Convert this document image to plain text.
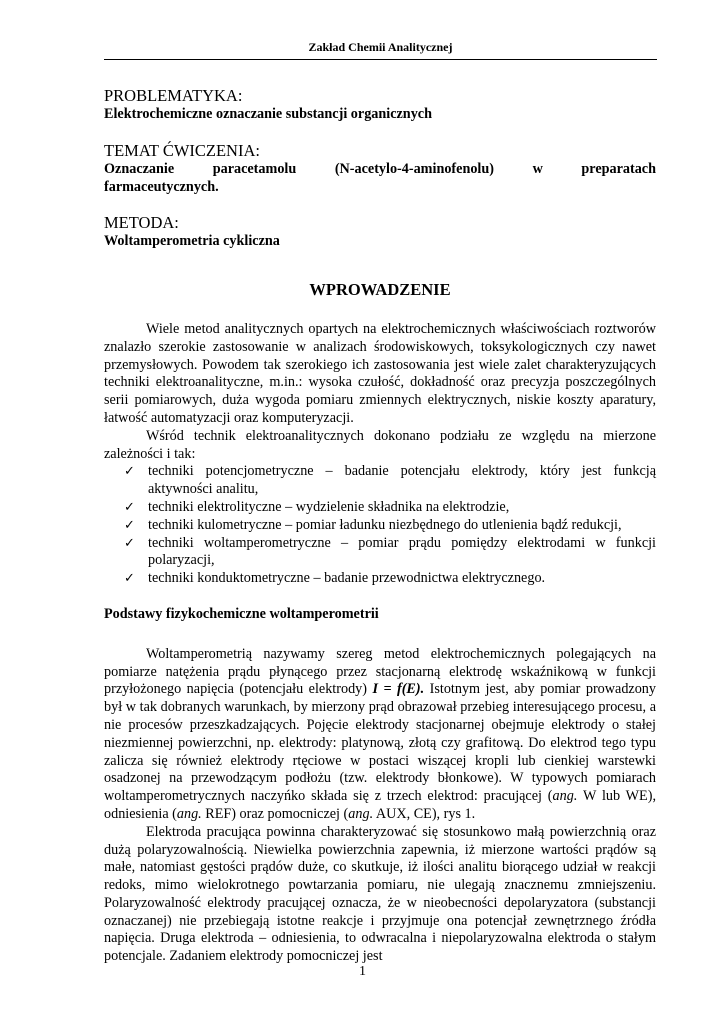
Zakład Chemii Analitycznej
PROBLEMATYKA:
Elektrochemiczne oznaczanie substancji organicznych
TEMAT ĆWICZENIA:
Oznaczanie paracetamolu (N-acetylo-4-aminofenolu) w preparatach
farmaceutycznych.
METODA:
Woltamperometria cykliczna
WPROWADZENIE

Wiele metod analitycznych opartych na elektrochemicznych właściwościach roztworów znalazło szerokie zastosowanie w analizach środowiskowych, toksykologicznych czy nawet przemysłowych. Powodem tak szerokiego ich zastosowania jest wiele zalet charakteryzujących techniki elektroanalityczne, m.in.: wysoka czułość, dokładność oraz precyzja poszczególnych serii pomiarowych, duża wygoda pomiaru zmiennych elektrycznych, niskie koszty aparatury, łatwość automatyzacji oraz komputeryzacji.

Wśród technik elektroanalitycznych dokonano podziału ze względu na mierzone zależności i tak:

✓ techniki potencjometryczne – badanie potencjału elektrody, który jest funkcją aktywności analitu,
✓ techniki elektrolityczne – wydzielenie składnika na elektrodzie,
✓ techniki kulometryczne – pomiar ładunku niezbędnego do utlenienia bądź redukcji,
✓ techniki woltamperometryczne – pomiar prądu pomiędzy elektrodami w funkcji polaryzacji,
✓ techniki konduktometryczne – badanie przewodnictwa elektrycznego.
Podstawy fizykochemiczne woltamperometrii

Woltamperometrią nazywamy szereg metod elektrochemicznych polegających na pomiarze natężenia prądu płynącego przez stacjonarną elektrodę wskaźnikową w funkcji przyłożonego napięcia (potencjału elektrody) I = f(E). Istotnym jest, aby pomiar prowadzony był w tak dobranych warunkach, by mierzony prąd obrazował przebieg interesującego procesu, a nie procesów przeszkadzających. Pojęcie elektrody stacjonarnej obejmuje elektrody o stałej niezmiennej powierzchni, np. elektrody: platynową, złotą czy grafitową. Do elektrod tego typu zalicza się również elektrody rtęciowe w postaci wiszącej kropli lub cienkiej warstewki osadzonej na przewodzącym podłożu (tzw. elektrody błonkowe). W typowych pomiarach woltamperometrycznych naczyńko składa się z trzech elektrod: pracującej (ang. W lub WE), odniesienia (ang. REF) oraz pomocniczej (ang. AUX, CE), rys 1.

Elektroda pracująca powinna charakteryzować się stosunkowo małą powierzchnią oraz dużą polaryzowalnością. Niewielka powierzchnia zapewnia, iż mierzone wartości prądów są małe, natomiast gęstości prądów duże, co skutkuje, iż ilości analitu biorącego udział w reakcji redoks, mimo wielokrotnego powtarzania pomiaru, nie ulegają znacznemu zmniejszeniu. Polaryzowalność elektrody pracującej oznacza, że w nieobecności depolaryzatora (substancji oznaczanej) nie przebiegają istotne reakcje i przyjmuje ona potencjał zewnętrznego źródła napięcia. Druga elektroda – odniesienia, to odwracalna i niepolaryzowalna elektroda o stałym potencjale. Zadaniem elektrody pomocniczej jest

1
